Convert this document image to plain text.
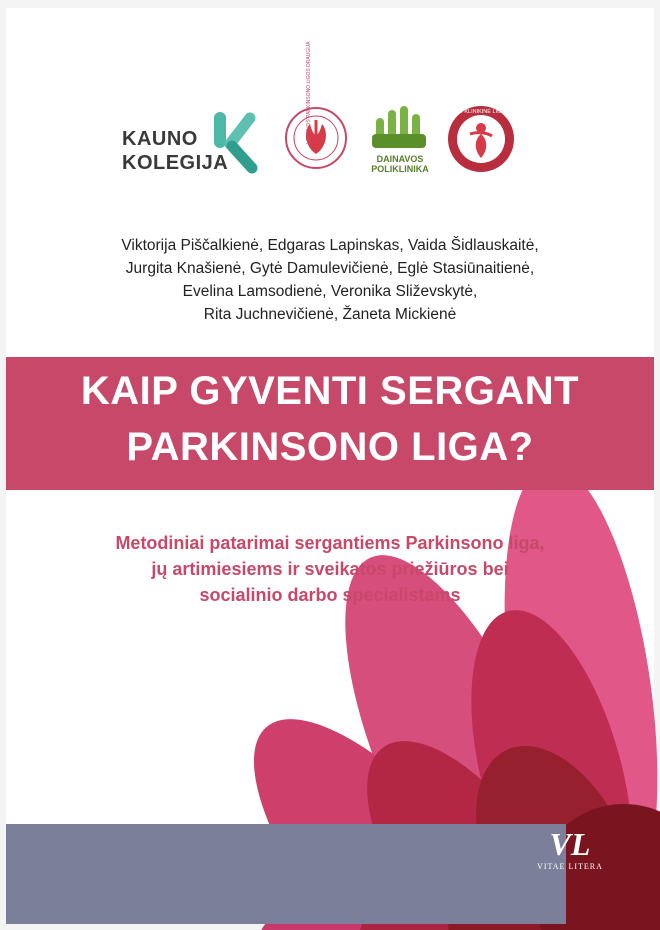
KAUNO
KOLEGIJA
LIETUVOS PARKINSONO LIGOS DRAUGIJA
DAINAVOS
POLIKLINIKA
KAUNO KLINIKINĖ LIGONINĖ
Viktorija Piščalkienė, Edgaras Lapinskas, Vaida Šidlauskaitė,
Jurgita Knašienė, Gytė Damulevičienė, Eglė Stasiūnaitienė,
Evelina Lamsodienė, Veronika Sliževskytė,
Rita Juchnevičienė, Žaneta Mickienė
KAIP GYVENTI SERGANT
PARKINSONO LIGA?
Metodiniai patarimai sergantiems Parkinsono liga,
jų artimiesiems ir sveikatos priežiūros bei
socialinio darbo specialistams
VL
VITAE LITERA
